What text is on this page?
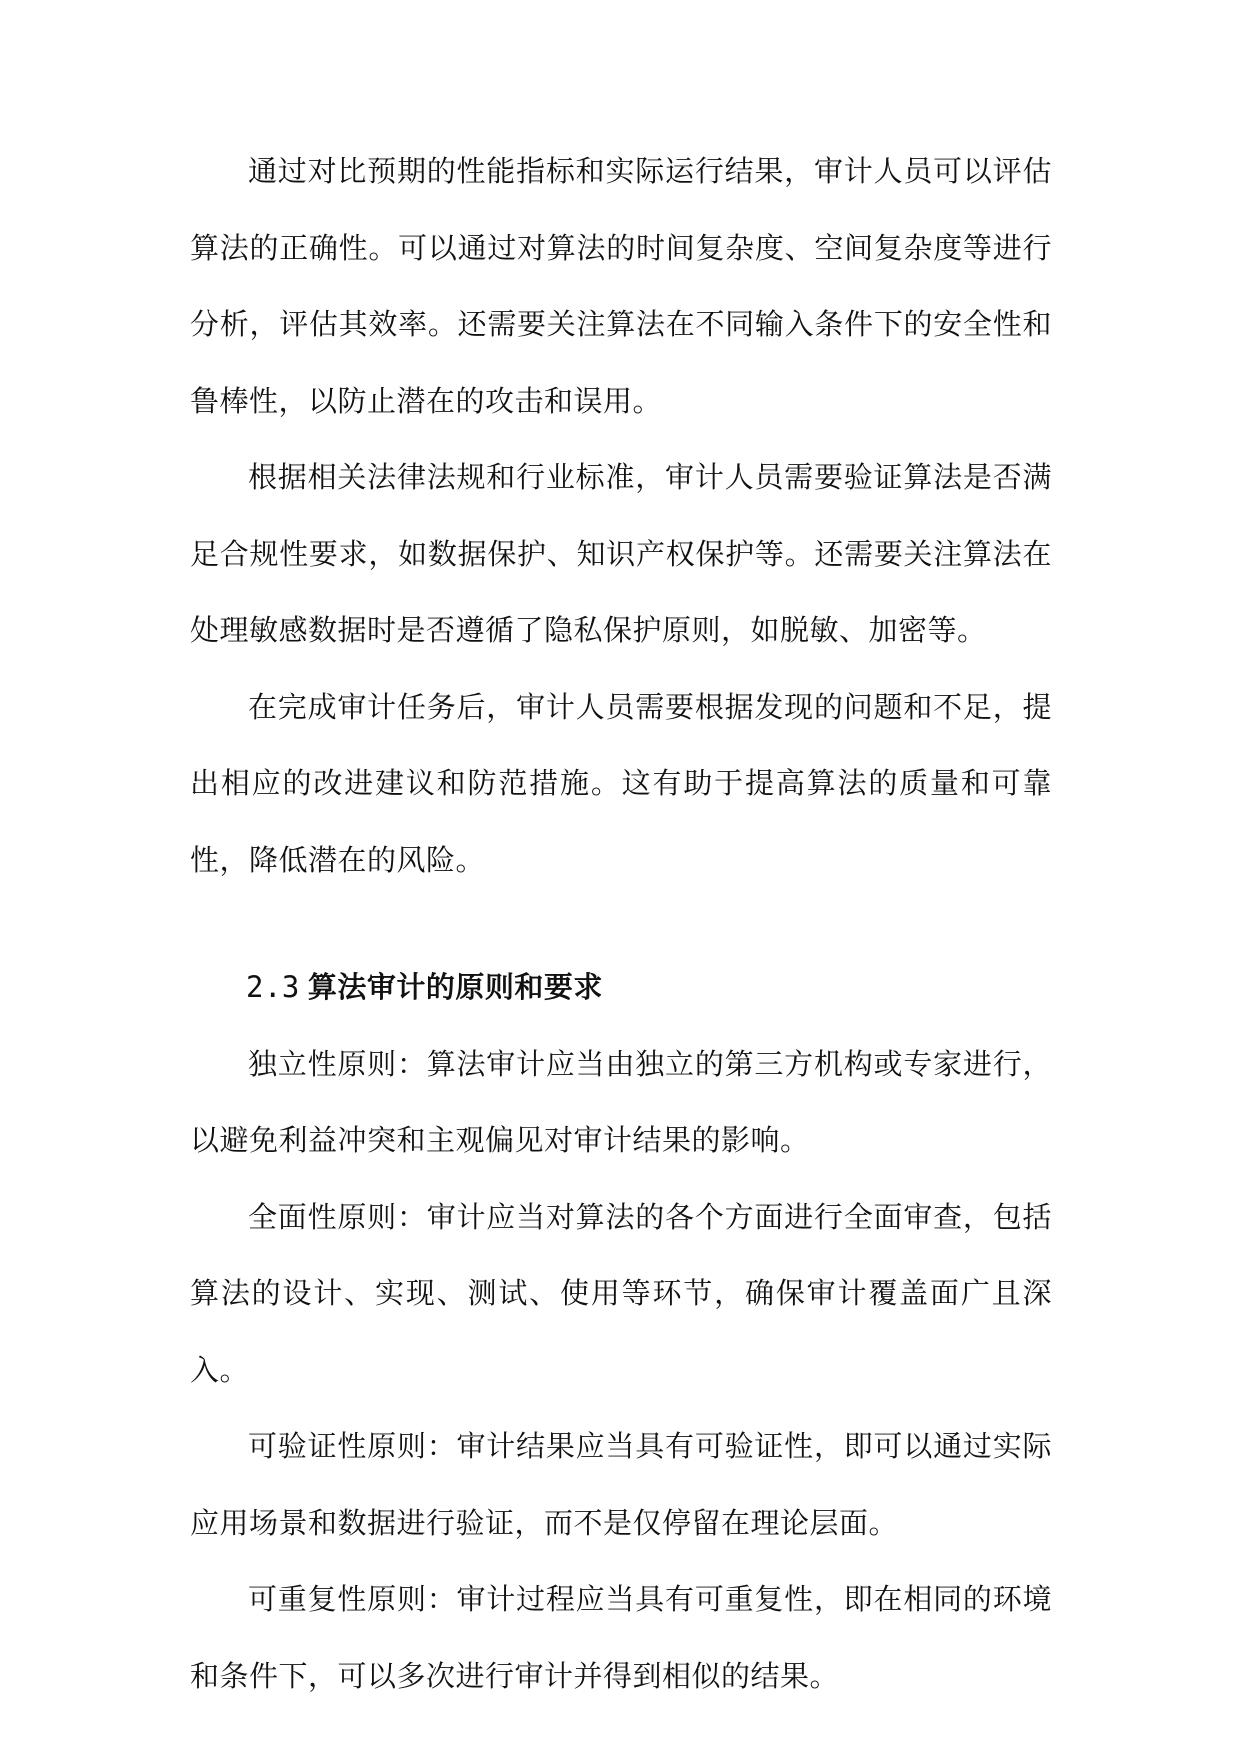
通过对比预期的性能指标和实际运行结果，审计人员可以评估算法的正确性。可以通过对算法的时间复杂度、空间复杂度等进行分析，评估其效率。还需要关注算法在不同输入条件下的安全性和鲁棒性，以防止潜在的攻击和误用。

根据相关法律法规和行业标准，审计人员需要验证算法是否满足合规性要求，如数据保护、知识产权保护等。还需要关注算法在处理敏感数据时是否遵循了隐私保护原则，如脱敏、加密等。

在完成审计任务后，审计人员需要根据发现的问题和不足，提出相应的改进建议和防范措施。这有助于提高算法的质量和可靠性，降低潜在的风险。

2.3 算法审计的原则和要求

独立性原则：算法审计应当由独立的第三方机构或专家进行，以避免利益冲突和主观偏见对审计结果的影响。

全面性原则：审计应当对算法的各个方面进行全面审查，包括算法的设计、实现、测试、使用等环节，确保审计覆盖面广且深入。

可验证性原则：审计结果应当具有可验证性，即可以通过实际应用场景和数据进行验证，而不是仅停留在理论层面。

可重复性原则：审计过程应当具有可重复性，即在相同的环境和条件下，可以多次进行审计并得到相似的结果。
